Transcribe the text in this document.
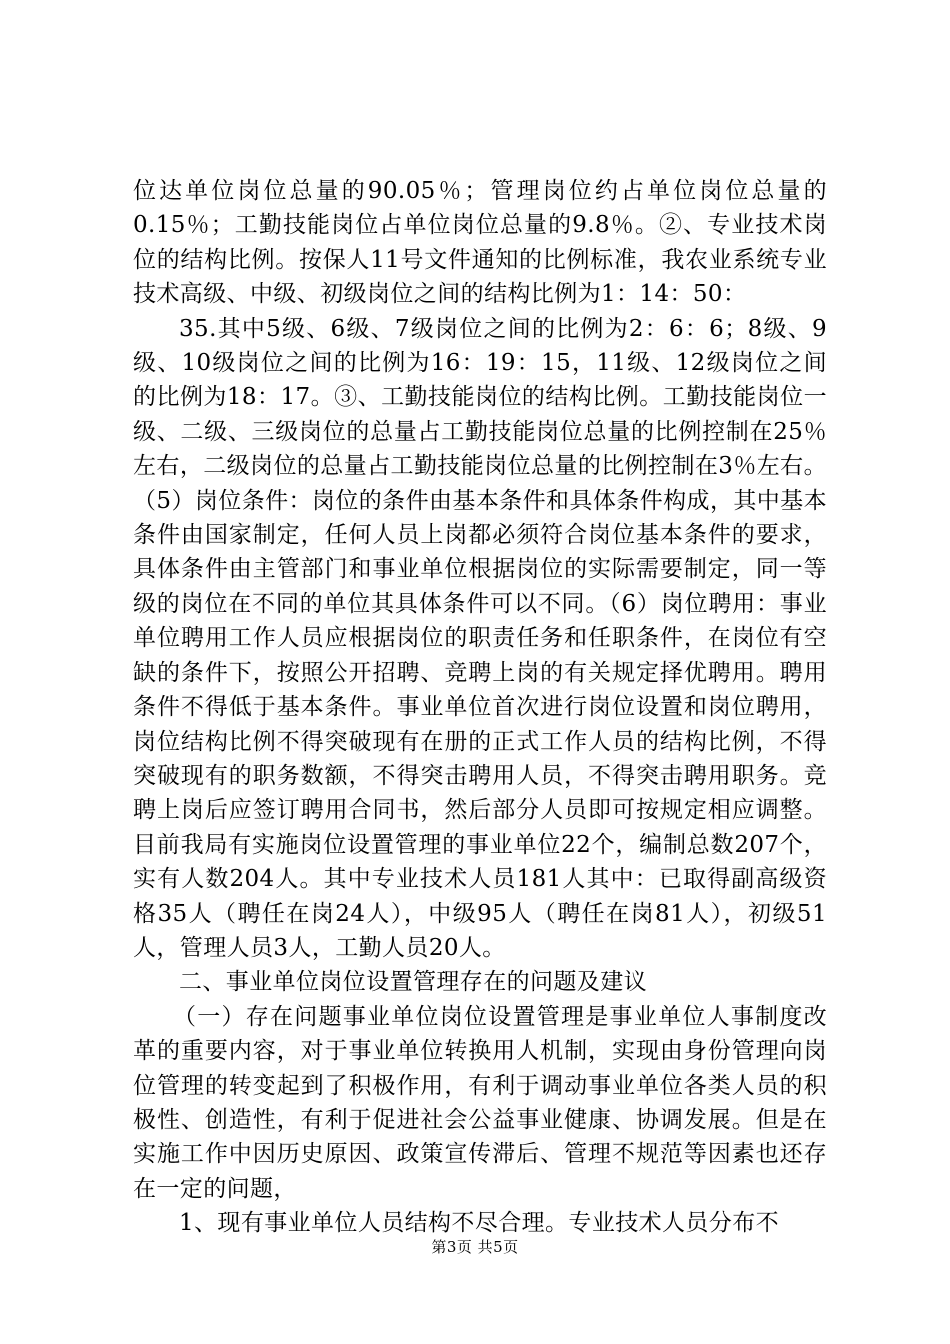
位达单位岗位总量的90.05％；管理岗位约占单位岗位总量的0.15％；工勤技能岗位占单位岗位总量的9.8％。②、专业技术岗位的结构比例。按保人11号文件通知的比例标准，我农业系统专业技术高级、中级、初级岗位之间的结构比例为1：14：50：

35.其中5级、6级、7级岗位之间的比例为2：6：6；8级、9级、10级岗位之间的比例为16：19：15，11级、12级岗位之间的比例为18：17。③、工勤技能岗位的结构比例。工勤技能岗位一级、二级、三级岗位的总量占工勤技能岗位总量的比例控制在25％左右，二级岗位的总量占工勤技能岗位总量的比例控制在3％左右。（5）岗位条件：岗位的条件由基本条件和具体条件构成，其中基本条件由国家制定，任何人员上岗都必须符合岗位基本条件的要求，具体条件由主管部门和事业单位根据岗位的实际需要制定，同一等级的岗位在不同的单位其具体条件可以不同。（6）岗位聘用：事业单位聘用工作人员应根据岗位的职责任务和任职条件，在岗位有空缺的条件下，按照公开招聘、竞聘上岗的有关规定择优聘用。聘用条件不得低于基本条件。事业单位首次进行岗位设置和岗位聘用，岗位结构比例不得突破现有在册的正式工作人员的结构比例，不得突破现有的职务数额，不得突击聘用人员，不得突击聘用职务。竞聘上岗后应签订聘用合同书，然后部分人员即可按规定相应调整。目前我局有实施岗位设置管理的事业单位22个，编制总数207个，实有人数204人。其中专业技术人员181人其中：已取得副高级资格35人（聘任在岗24人），中级95人（聘任在岗81人），初级51人，管理人员3人，工勤人员20人。

二、事业单位岗位设置管理存在的问题及建议

（一）存在问题事业单位岗位设置管理是事业单位人事制度改革的重要内容，对于事业单位转换用人机制，实现由身份管理向岗位管理的转变起到了积极作用，有利于调动事业单位各类人员的积极性、创造性，有利于促进社会公益事业健康、协调发展。但是在实施工作中因历史原因、政策宣传滞后、管理不规范等因素也还存在一定的问题，

1、现有事业单位人员结构不尽合理。专业技术人员分布不

第3页 共5页
